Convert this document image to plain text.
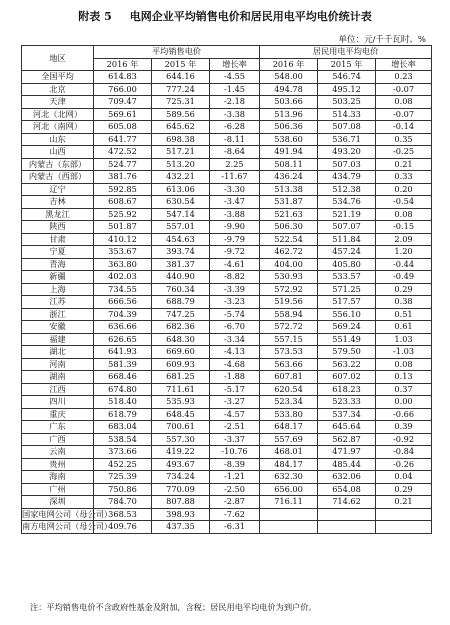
附表 5 电网企业平均销售电价和居民用电平均电价统计表
单位：元/千千瓦时、%
地区	平均销售电价			居民用电平均电价		
	2016 年	2015 年	增长率	2016 年	2015 年	增长率
全国平均	614.83	644.16	-4.55	548.00	546.74	0.23
北京	766.00	777.24	-1.45	494.78	495.12	-0.07
天津	709.47	725.31	-2.18	503.66	503.25	0.08
河北（北网）	569.61	589.56	-3.38	513.96	514.33	-0.07
河北（南网）	605.08	645.62	-6.28	506.36	507.08	-0.14
山东	641.77	698.38	-8.11	538.60	536.71	0.35
山西	472.52	517.21	-8.64	491.94	493.20	-0.25
内蒙古（东部）	524.77	513.20	2.25	508.11	507.03	0.21
内蒙古（西部）	381.76	432.21	-11.67	436.24	434.79	0.33
辽宁	592.85	613.06	-3.30	513.38	512.38	0.20
吉林	608.67	630.54	-3.47	531.87	534.76	-0.54
黑龙江	525.92	547.14	-3.88	521.63	521.19	0.08
陕西	501.87	557.01	-9.90	506.30	507.07	-0.15
甘肃	410.12	454.63	-9.79	522.54	511.84	2.09
宁夏	353.67	393.74	-9.72	462.72	457.24	1.20
青海	363.80	381.37	-4.61	404.00	405.80	-0.44
新疆	402.03	440.90	-8.82	530.93	533.57	-0.49
上海	734.55	760.34	-3.39	572.92	571.25	0.29
江苏	666.56	688.79	-3.23	519.56	517.57	0.38
浙江	704.39	747.25	-5.74	558.94	556.10	0.51
安徽	636.66	682.36	-6.70	572.72	569.24	0.61
福建	626.65	648.30	-3.34	557.15	551.49	1.03
湖北	641.93	669.60	-4.13	573.53	579.50	-1.03
河南	581.39	609.93	-4.68	563.66	563.22	0.08
湖南	668.46	681.25	-1.88	607.81	607.02	0.13
江西	674.80	711.61	-5.17	620.54	618.23	0.37
四川	518.40	535.93	-3.27	523.34	523.33	0.00
重庆	618.79	648.45	-4.57	533.80	537.34	-0.66
广东	683.04	700.61	-2.51	648.17	645.64	0.39
广西	538.54	557.30	-3.37	557.69	562.87	-0.92
云南	373.66	419.22	-10.76	468.01	471.97	-0.84
贵州	452.25	493.67	-8.39	484.17	485.44	-0.26
海南	725.39	734.24	-1.21	632.30	632.06	0.04
广州	750.86	770.09	-2.50	656.00	654.08	0.29
深圳	784.70	807.88	-2.87	716.11	714.62	0.21
国家电网公司（母公司）	368.53	398.93	-7.62			
南方电网公司（母公司）	409.76	437.35	-6.31			
注：平均销售电价不含政府性基金及附加，含税；居民用电平均电价为到户价。
